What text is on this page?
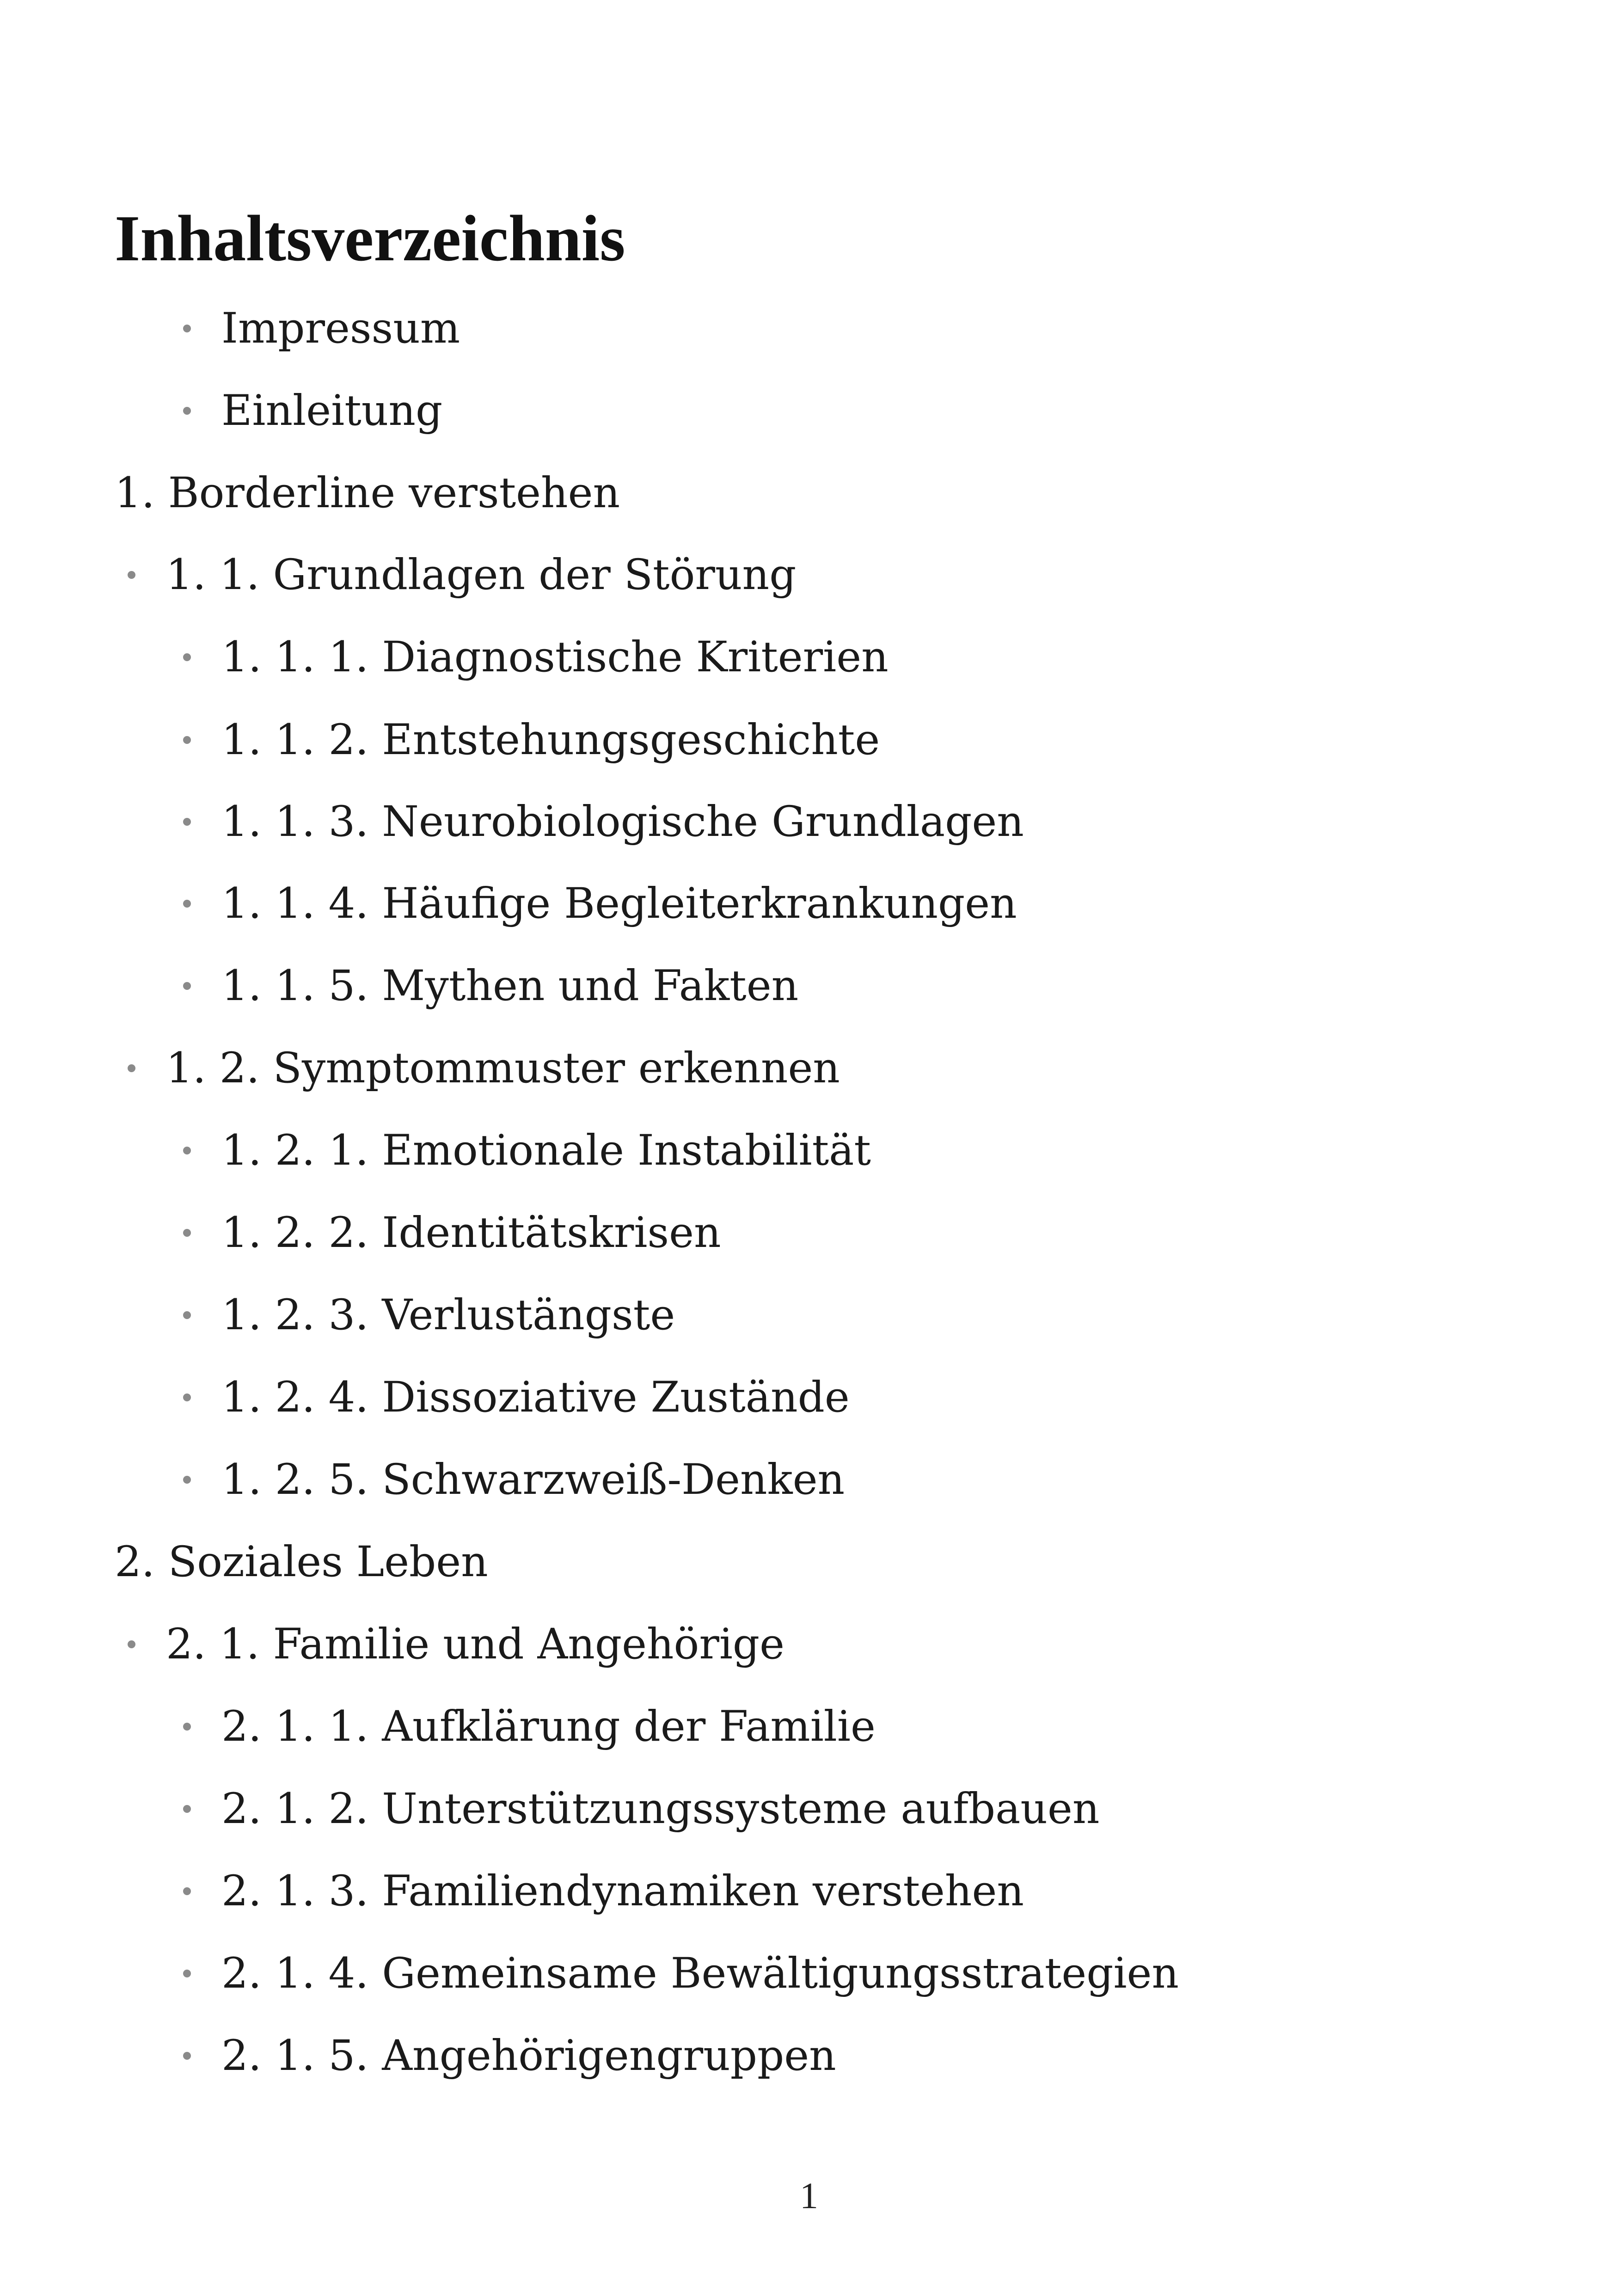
Inhaltsverzeichnis
Impressum
Einleitung
1. Borderline verstehen
1. 1. Grundlagen der Störung
1. 1. 1. Diagnostische Kriterien
1. 1. 2. Entstehungsgeschichte
1. 1. 3. Neurobiologische Grundlagen
1. 1. 4. Häufige Begleiterkrankungen
1. 1. 5. Mythen und Fakten
1. 2. Symptommuster erkennen
1. 2. 1. Emotionale Instabilität
1. 2. 2. Identitätskrisen
1. 2. 3. Verlustängste
1. 2. 4. Dissoziative Zustände
1. 2. 5. Schwarzweiß-Denken
2. Soziales Leben
2. 1. Familie und Angehörige
2. 1. 1. Aufklärung der Familie
2. 1. 2. Unterstützungssysteme aufbauen
2. 1. 3. Familiendynamiken verstehen
2. 1. 4. Gemeinsame Bewältigungsstrategien
2. 1. 5. Angehörigengruppen
1
